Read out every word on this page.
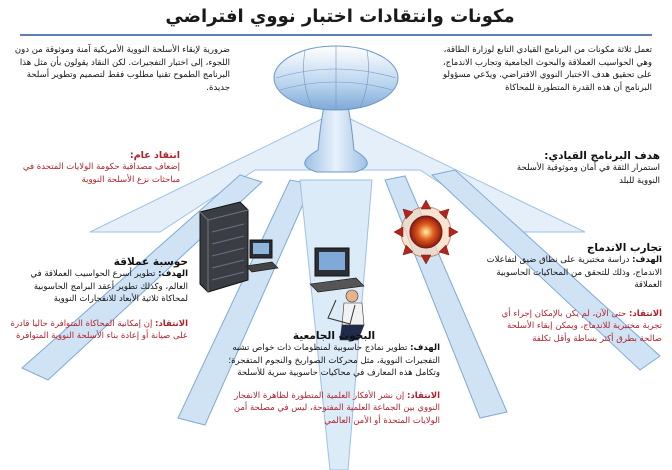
مكونات وانتقادات اختبار نووي افتراضي
تعمل ثلاثة مكونات من البرنامج القيادي التابع لوزارة الطاقة، وهي الحواسيب العملاقة والبحوث الجامعية وتجارب الاندماج، على تحقيق هدف الاختبار النووي الافتراضي. ويدّعي مسؤولو البرنامج أن هذه القدرة المتطورة للمحاكاة
ضرورية لإبقاء الأسلحة النووية الأمريكية آمنة وموثوقة من دون اللجوء، إلى اختبار التفجيرات. لكن النقاد يقولون بأن مثل هذا البرنامج الطموح تقنيا مطلوب فقط لتصميم وتطوير أسلحة جديدة.
انتقاد عام:
إضعاف مصداقية حكومة الولايات المتحدة في مباحثات نزع الأسلحة النووية
هدف البرنامج القيادي:
استمرار الثقة في أمان وموثوقية الأسلحة النووية للبلد
حوسبة عملاقة
الهدف: تطوير أسرع الحواسيب العملاقة في العالم، وكذلك تطوير أعقد البرامج الحاسوبية لمحاكاة ثلاثية الأبعاد للانفجارات النووية
الانتقاد: إن إمكانية المحاكاة المتوافرة حاليا قادرة على صيانة أو إعادة بناء الأسلحة النووية المتوافرة
تجارب الاندماج
الهدف: دراسة مختبرية على نطاق ضيق لتفاعلات الاندماج، وذلك للتحقق من المحاكيات الحاسوبية العملاقة
الانتقاد: حتى الآن، لم يكن بالإمكان إجراء أي تجربة مختبرية للاندماج، ويمكن إبقاء الأسلحة صالحة بطرق أكثر بساطة وأقل تكلفة
البحوث الجامعية
الهدف: تطوير نماذج حاسوبية لمنظومات ذات خواص تشبه التفجيرات النووية، مثل محركات الصواريخ والنجوم المتفجرة؛ وتكامل هذه المعارف في محاكيات حاسوبية سرية للأسلحة
الانتقاد: إن نشر الأفكار العلمية المتطورة لظاهرة الانفجار النووي بين الجماعة العلمية المفتوحة، ليس في مصلحة أمن الولايات المتحدة أو الأمن العالمي
